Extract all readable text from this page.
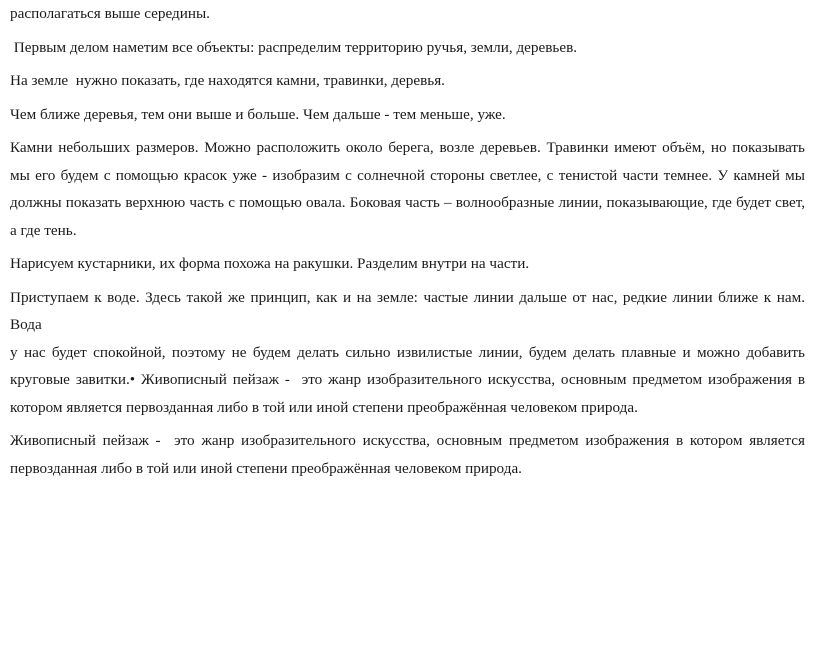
располагаться выше середины.

Первым делом наметим все объекты: распределим территорию ручья, земли, деревьев.

На земле  нужно показать, где находятся камни, травинки, деревья.

Чем ближе деревья, тем они выше и больше. Чем дальше - тем меньше, уже.

Камни небольших размеров. Можно расположить около берега, возле деревьев. Травинки имеют объём, но показывать
мы его будем с помощью красок уже - изобразим с солнечной стороны светлее, с тенистой части темнее. У камней мы
должны показать верхнюю часть с помощью овала. Боковая часть – волнообразные линии, показывающие, где будет свет,
а где тень.

Нарисуем кустарники, их форма похожа на ракушки. Разделим внутри на части.

Приступаем к воде. Здесь такой же принцип, как и на земле: частые линии дальше от нас, редкие линии ближе к нам. Вода
у нас будет спокойной, поэтому не будем делать сильно извилистые линии, будем делать плавные и можно добавить
круговые завитки.• Живописный пейзаж -  это жанр изобразительного искусства, основным предметом изображения в
котором является первозданная либо в той или иной степени преображённая человеком природа.

Живописный пейзаж -  это жанр изобразительного искусства, основным предметом изображения в котором является
первозданная либо в той или иной степени преображённая человеком природа.
